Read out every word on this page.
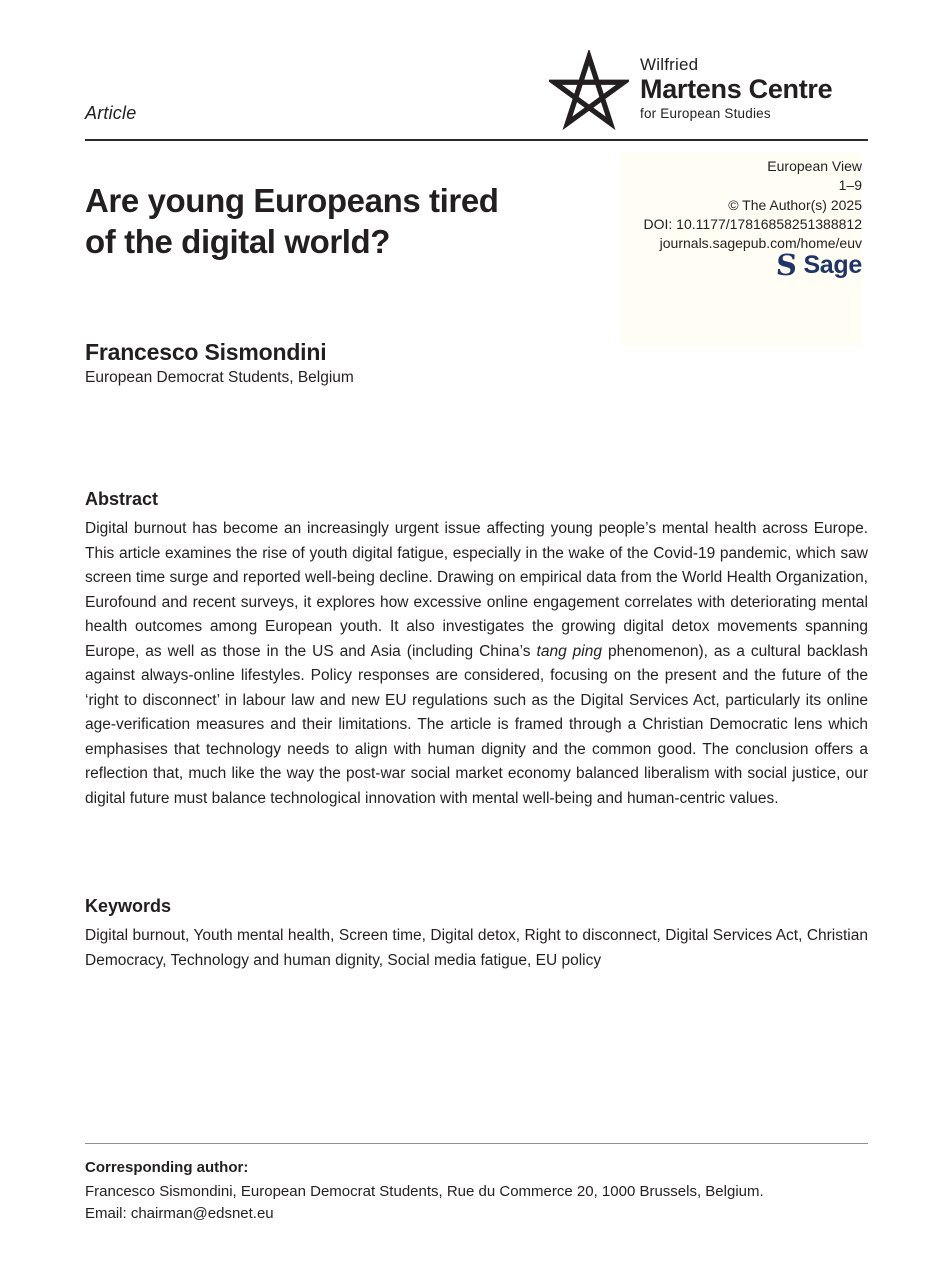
Wilfried
Martens Centre
for European Studies
Article
European View
1–9
© The Author(s) 2025
DOI: 10.1177/17816858251388812
journals.sagepub.com/home/euv
S Sage
Are young Europeans tired
of the digital world?
Francesco Sismondini
European Democrat Students, Belgium
Abstract
Digital burnout has become an increasingly urgent issue affecting young people’s mental health across Europe. This article examines the rise of youth digital fatigue, especially in the wake of the Covid-19 pandemic, which saw screen time surge and reported well-being decline. Drawing on empirical data from the World Health Organization, Eurofound and recent surveys, it explores how excessive online engagement correlates with deteriorating mental health outcomes among European youth. It also investigates the growing digital detox movements spanning Europe, as well as those in the US and Asia (including China’s tang ping phenomenon), as a cultural backlash against always-online lifestyles. Policy responses are considered, focusing on the present and the future of the ‘right to disconnect’ in labour law and new EU regulations such as the Digital Services Act, particularly its online age-verification measures and their limitations. The article is framed through a Christian Democratic lens which emphasises that technology needs to align with human dignity and the common good. The conclusion offers a reflection that, much like the way the post-war social market economy balanced liberalism with social justice, our digital future must balance technological innovation with mental well-being and human-centric values.
Keywords
Digital burnout, Youth mental health, Screen time, Digital detox, Right to disconnect, Digital Services Act, Christian Democracy, Technology and human dignity, Social media fatigue, EU policy
Corresponding author:
Francesco Sismondini, European Democrat Students, Rue du Commerce 20, 1000 Brussels, Belgium.
Email: chairman@edsnet.eu
